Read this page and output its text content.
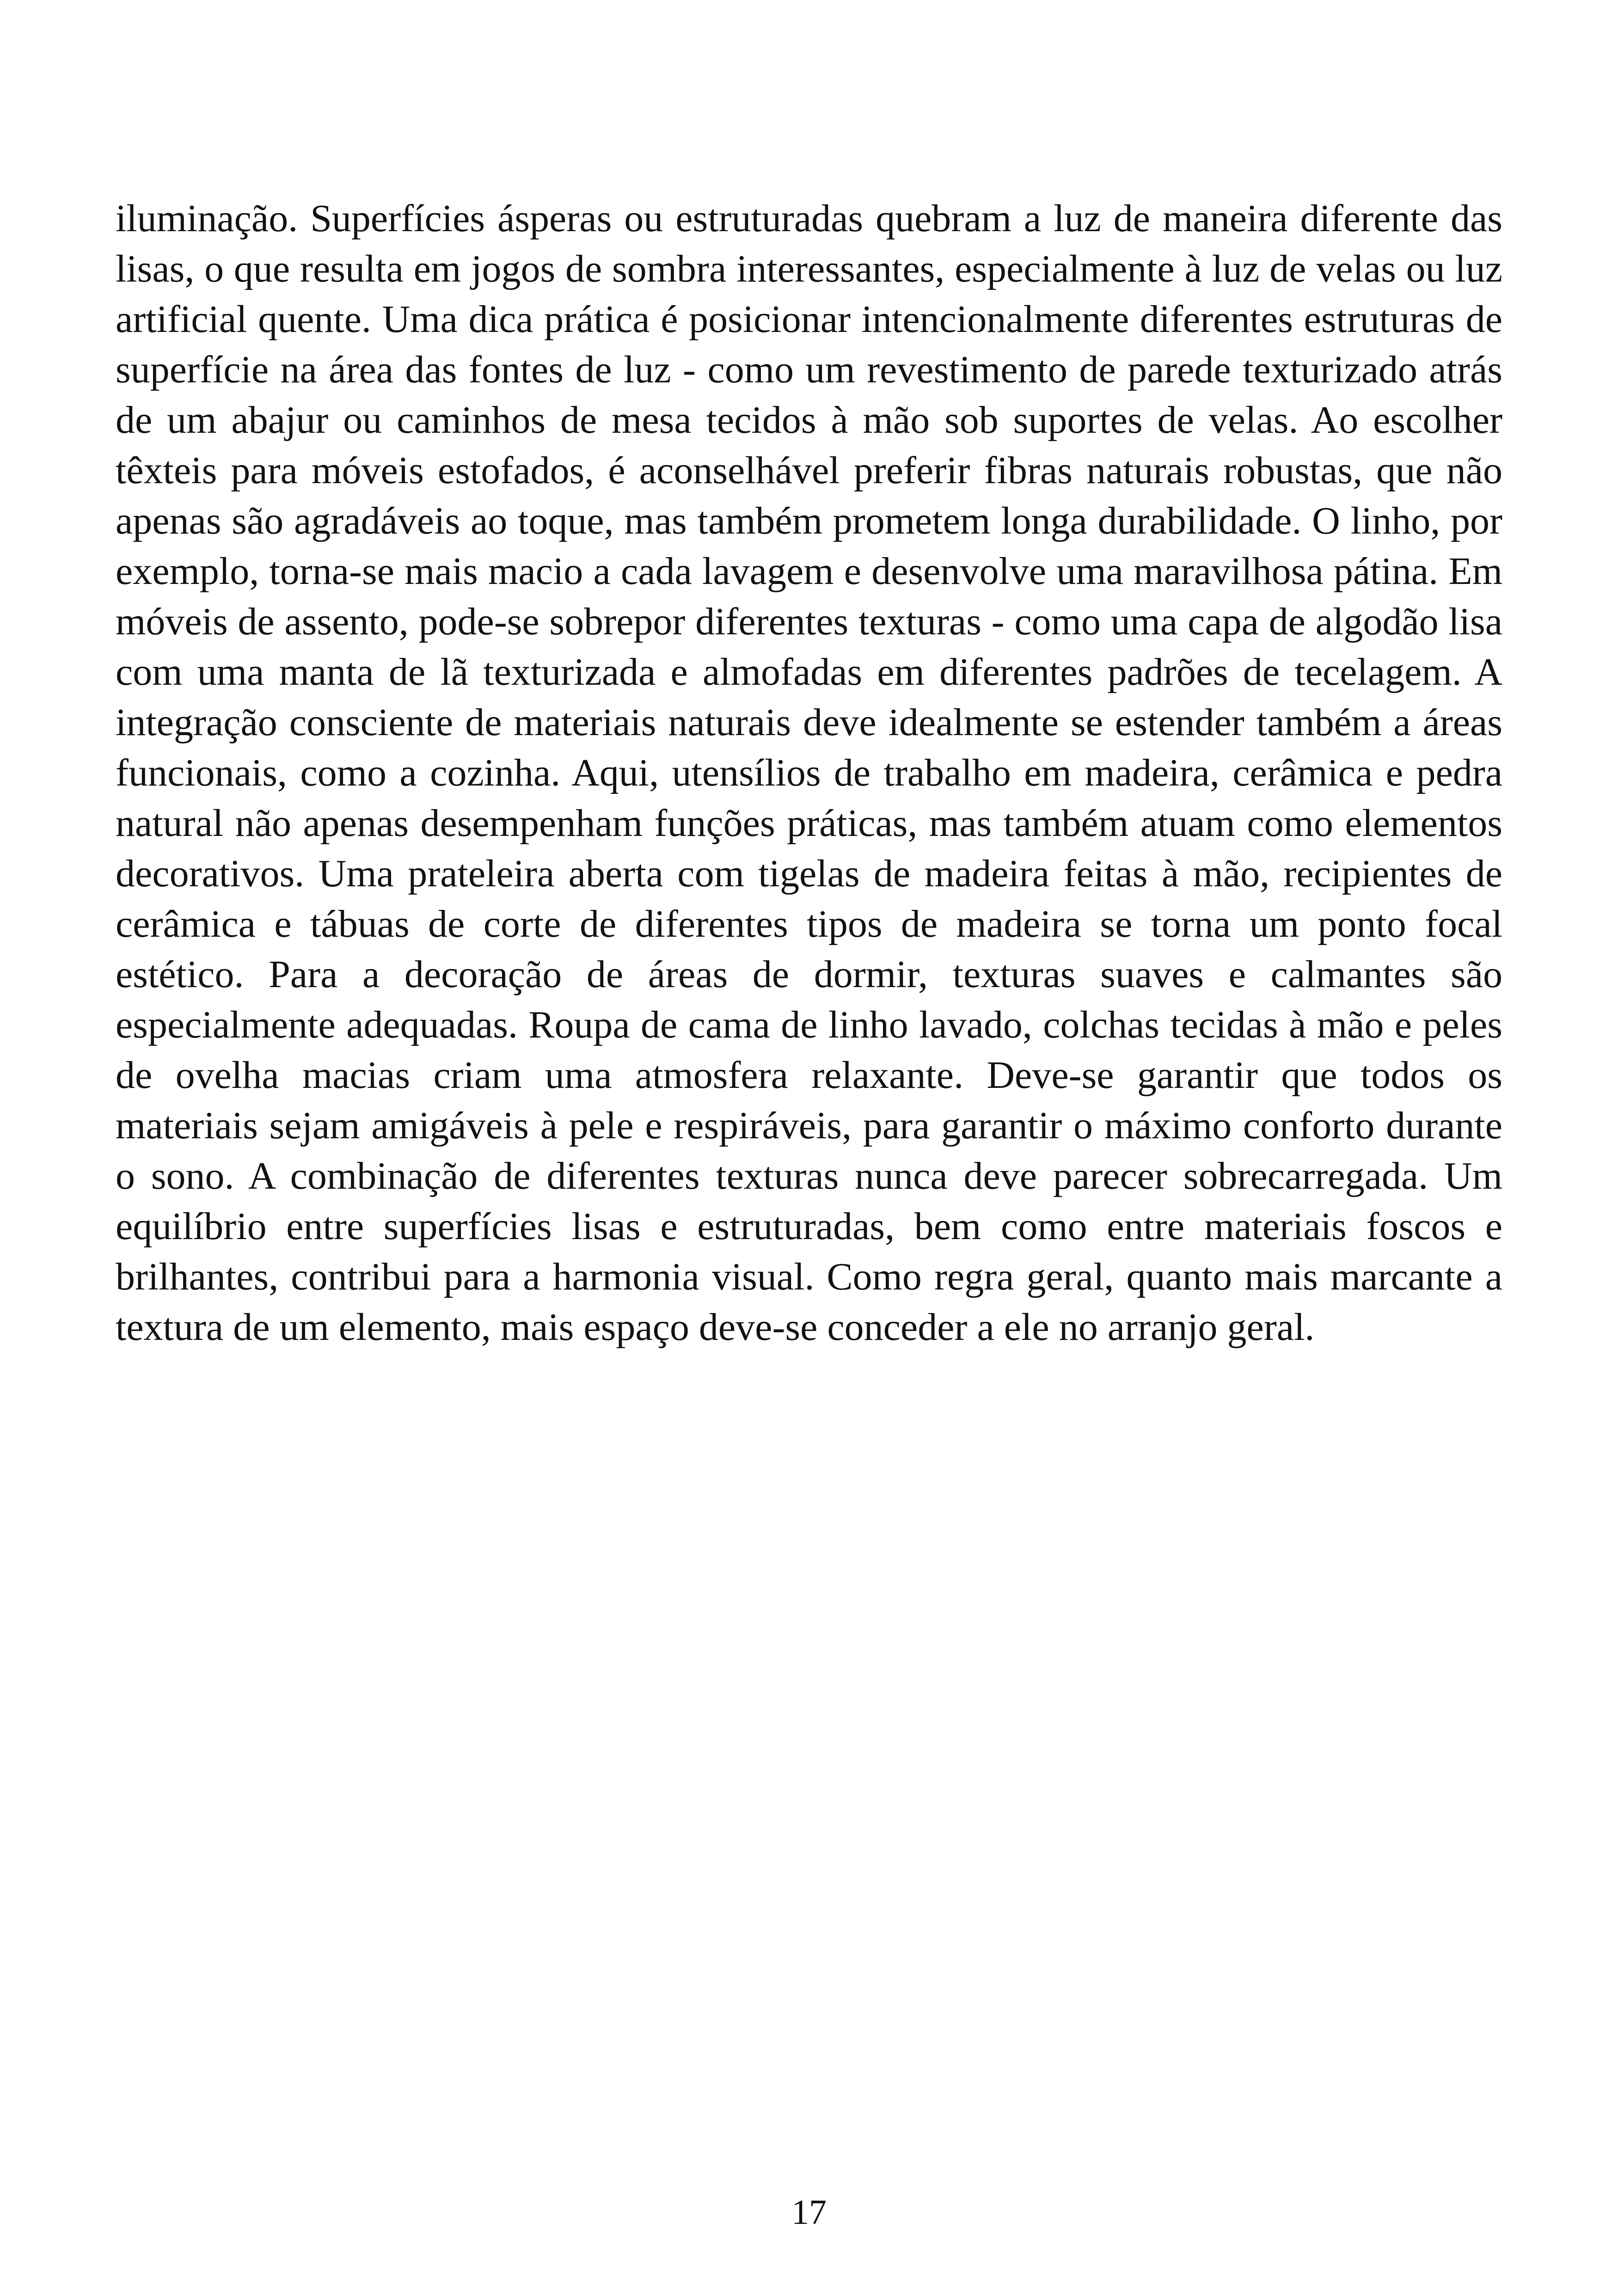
iluminação. Superfícies ásperas ou estruturadas quebram a luz de maneira diferente das lisas, o que resulta em jogos de sombra interessantes, especialmente à luz de velas ou luz artificial quente. Uma dica prática é posicionar intencionalmente diferentes estruturas de superfície na área das fontes de luz - como um revestimento de parede texturizado atrás de um abajur ou caminhos de mesa tecidos à mão sob suportes de velas. Ao escolher têxteis para móveis estofados, é aconselhável preferir fibras naturais robustas, que não apenas são agradáveis ao toque, mas também prometem longa durabilidade. O linho, por exemplo, torna-se mais macio a cada lavagem e desenvolve uma maravilhosa pátina. Em móveis de assento, pode-se sobrepor diferentes texturas - como uma capa de algodão lisa com uma manta de lã texturizada e almofadas em diferentes padrões de tecelagem. A integração consciente de materiais naturais deve idealmente se estender também a áreas funcionais, como a cozinha. Aqui, utensílios de trabalho em madeira, cerâmica e pedra natural não apenas desempenham funções práticas, mas também atuam como elementos decorativos. Uma prateleira aberta com tigelas de madeira feitas à mão, recipientes de cerâmica e tábuas de corte de diferentes tipos de madeira se torna um ponto focal estético. Para a decoração de áreas de dormir, texturas suaves e calmantes são especialmente adequadas. Roupa de cama de linho lavado, colchas tecidas à mão e peles de ovelha macias criam uma atmosfera relaxante. Deve-se garantir que todos os materiais sejam amigáveis à pele e respiráveis, para garantir o máximo conforto durante o sono. A combinação de diferentes texturas nunca deve parecer sobrecarregada. Um equilíbrio entre superfícies lisas e estruturadas, bem como entre materiais foscos e brilhantes, contribui para a harmonia visual. Como regra geral, quanto mais marcante a textura de um elemento, mais espaço deve-se conceder a ele no arranjo geral.

17
